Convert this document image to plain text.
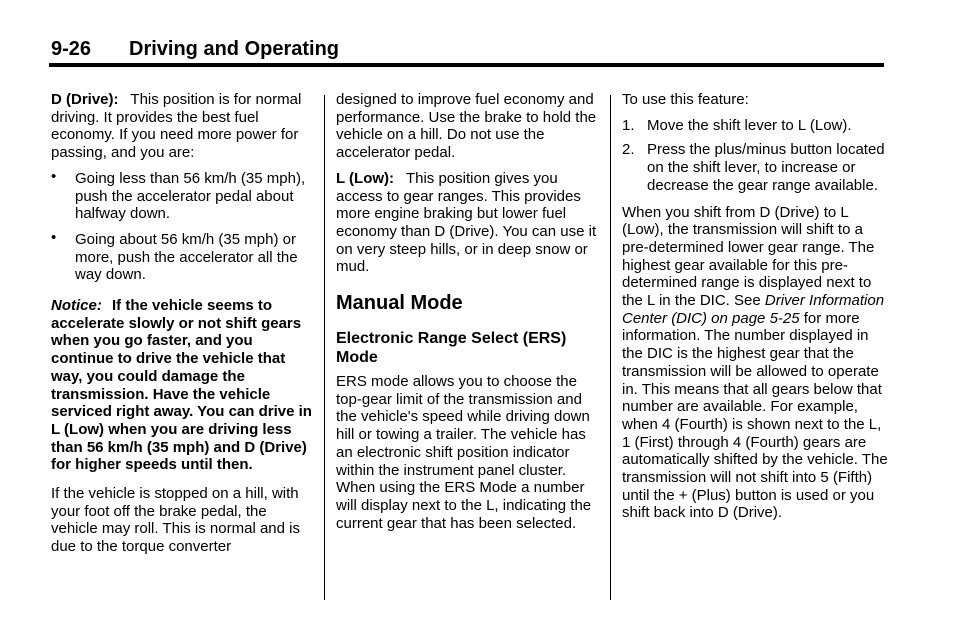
9-26 Driving and Operating

D (Drive): This position is for normal driving. It provides the best fuel economy. If you need more power for passing, and you are:

• Going less than 56 km/h (35 mph), push the accelerator pedal about halfway down.
• Going about 56 km/h (35 mph) or more, push the accelerator all the way down.

Notice: If the vehicle seems to accelerate slowly or not shift gears when you go faster, and you continue to drive the vehicle that way, you could damage the transmission. Have the vehicle serviced right away. You can drive in L (Low) when you are driving less than 56 km/h (35 mph) and D (Drive) for higher speeds until then.

If the vehicle is stopped on a hill, with your foot off the brake pedal, the vehicle may roll. This is normal and is due to the torque converter

designed to improve fuel economy and performance. Use the brake to hold the vehicle on a hill. Do not use the accelerator pedal.

L (Low): This position gives you access to gear ranges. This provides more engine braking but lower fuel economy than D (Drive). You can use it on very steep hills, or in deep snow or mud.

Manual Mode
Electronic Range Select (ERS) Mode

ERS mode allows you to choose the top-gear limit of the transmission and the vehicle's speed while driving down hill or towing a trailer. The vehicle has an electronic shift position indicator within the instrument panel cluster. When using the ERS Mode a number will display next to the L, indicating the current gear that has been selected.

To use this feature:

1. Move the shift lever to L (Low).
2. Press the plus/minus button located on the shift lever, to increase or decrease the gear range available.

When you shift from D (Drive) to L (Low), the transmission will shift to a pre-determined lower gear range. The highest gear available for this pre-determined range is displayed next to the L in the DIC. See Driver Information Center (DIC) on page 5-25 for more information. The number displayed in the DIC is the highest gear that the transmission will be allowed to operate in. This means that all gears below that number are available. For example, when 4 (Fourth) is shown next to the L, 1 (First) through 4 (Fourth) gears are automatically shifted by the vehicle. The transmission will not shift into 5 (Fifth) until the + (Plus) button is used or you shift back into D (Drive).
